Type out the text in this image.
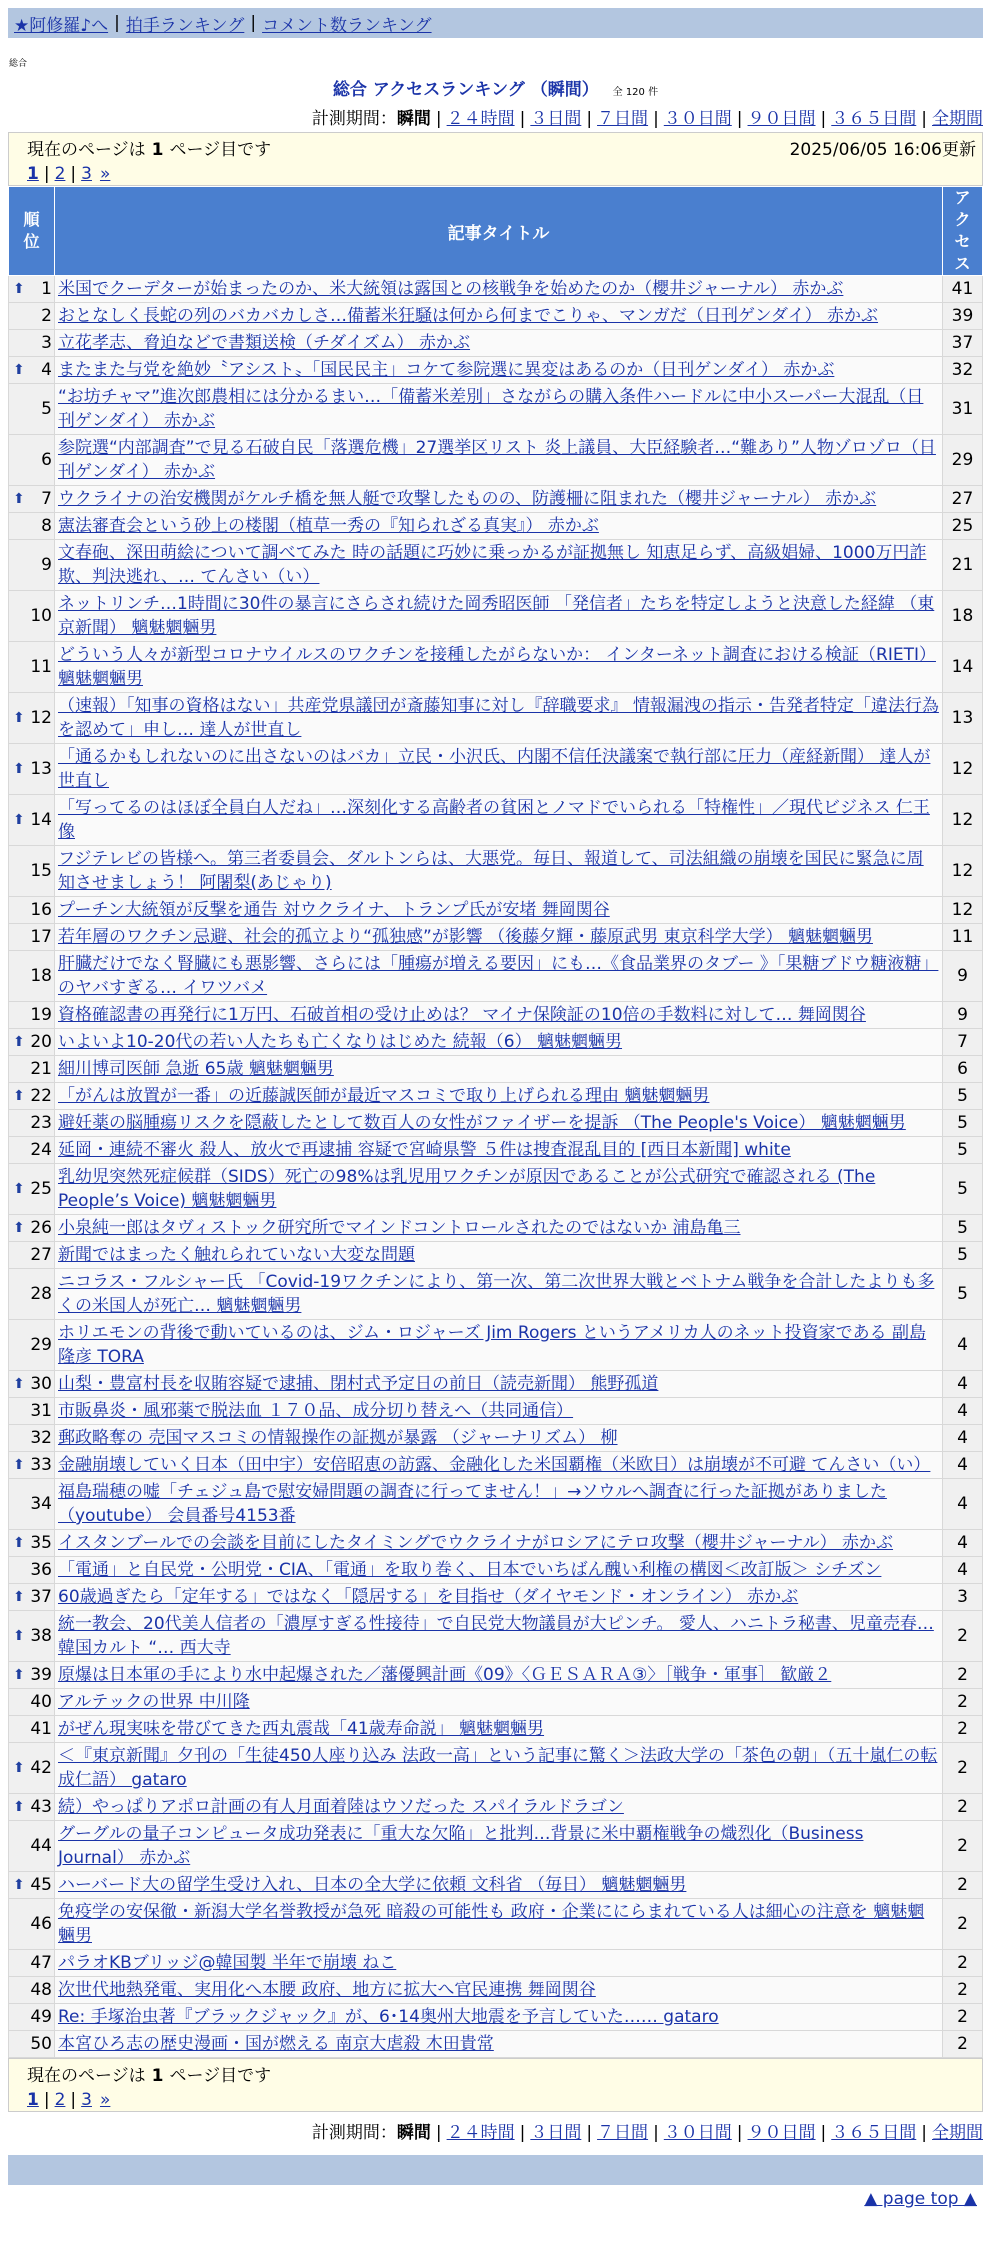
★阿修羅♪へ | 拍手ランキング | コメント数ランキング
総合
総合 アクセスランキング （瞬間） 全 120 件
計測期間：瞬間 | ２４時間 | ３日間 | ７日間 | ３０日間 | ９０日間 | ３６５日間 | 全期間
現在のページは 1 ページ目です	2025/06/05 16:06更新
1 | 2 | 3 »
順位	記事タイトル	アクセス

⬆ 1	米国でクーデターが始まったのか、米大統領は露国との核戦争を始めたのか（櫻井ジャーナル） 赤かぶ	41
2	おとなしく長蛇の列のバカバカしさ…備蓄米狂騒は何から何までこりゃ、マンガだ（日刊ゲンダイ） 赤かぶ	39
3	立花孝志、脅迫などで書類送検（チダイズム） 赤かぶ	37

⬆ 4	またまた与党を絶妙〝アシスト〟「国民民主」コケて参院選に異変はあるのか（日刊ゲンダイ） 赤かぶ	32
5	“お坊チャマ”進次郎農相には分かるまい…「備蓄米差別」さながらの購入条件ハードルに中小スーパー大混乱（日刊ゲンダイ） 赤かぶ	31
6	参院選“内部調査”で見る石破自民「落選危機」27選挙区リスト 炎上議員、大臣経験者…“難あり”人物ゾロゾロ（日刊ゲンダイ） 赤かぶ	29

⬆ 7	ウクライナの治安機関がケルチ橋を無人艇で攻撃したものの、防護柵に阻まれた（櫻井ジャーナル） 赤かぶ	27
8	憲法審査会という砂上の楼閣（植草一秀の『知られざる真実』） 赤かぶ	25
9	文春砲、深田萌絵について調べてみた 時の話題に巧妙に乗っかるが証拠無し 知恵足らず、高級娼婦、1000万円詐欺、判決逃れ、… てんさい（い）	21
10	ネットリンチ…1時間に30件の暴言にさらされ続けた岡秀昭医師 「発信者」たちを特定しようと決意した経緯 （東京新聞） 魑魅魍魎男	18
11	どういう人々が新型コロナウイルスのワクチンを接種したがらないか： インターネット調査における検証（RIETI） 魑魅魍魎男	14

⬆ 12	（速報）「知事の資格はない」共産党県議団が斎藤知事に対し『辞職要求』 情報漏洩の指示・告発者特定「違法行為を認めて」申し… 達人が世直し	13

⬆ 13	「通るかもしれないのに出さないのはバカ」立民・小沢氏、内閣不信任決議案で執行部に圧力（産経新聞） 達人が世直し	12

⬆ 14	「写ってるのはほぼ全員白人だね」…深刻化する高齢者の貧困とノマドでいられる「特権性」／現代ビジネス 仁王像	12
15	フジテレビの皆様へ。第三者委員会、ダルトンらは、大悪党。毎日、報道して、司法組織の崩壊を国民に緊急に周知させましょう！ 阿闍梨(あじゃり)	12
16	プーチン大統領が反撃を通告 対ウクライナ、トランプ氏が安堵 舞岡関谷	12
17	若年層のワクチン忌避、社会的孤立より“孤独感”が影響 （後藤夕輝・藤原武男 東京科学大学） 魑魅魍魎男	11
18	肝臓だけでなく腎臓にも悪影響、さらには「腫瘍が増える要因」にも…《食品業界のタブー 》「果糖ブドウ糖液糖」のヤバすぎる… イワツバメ	9
19	資格確認書の再発行に1万円、石破首相の受け止めは？ マイナ保険証の10倍の手数料に対して… 舞岡関谷	9

⬆ 20	いよいよ10-20代の若い人たちも亡くなりはじめた 続報（6） 魑魅魍魎男	7
21	細川博司医師 急逝 65歳 魑魅魍魎男	6

⬆ 22	「がんは放置が一番」の近藤誠医師が最近マスコミで取り上げられる理由 魑魅魍魎男	5
23	避妊薬の脳腫瘍リスクを隠蔽したとして数百人の女性がファイザーを提訴 （The People's Voice） 魑魅魍魎男	5
24	延岡・連続不審火 殺人、放火で再逮捕 容疑で宮崎県警 ５件は捜査混乱目的 [西日本新聞] white	5

⬆ 25	乳幼児突然死症候群（SIDS）死亡の98%は乳児用ワクチンが原因であることが公式研究で確認される (The People’s Voice) 魑魅魍魎男	5

⬆ 26	小泉純一郎はタヴィストック研究所でマインドコントロールされたのではないか 浦島亀三	5
27	新聞ではまったく触れられていない大変な問題	5
28	ニコラス・フルシャー氏 「Covid-19ワクチンにより、第一次、第二次世界大戦とベトナム戦争を合計したよりも多くの米国人が死亡… 魑魅魍魎男	5
29	ホリエモンの背後で動いているのは、ジム・ロジャーズ Jim Rogers というアメリカ人のネット投資家である 副島隆彦 TORA	4

⬆ 30	山梨・豊富村長を収賄容疑で逮捕、閉村式予定日の前日（読売新聞） 熊野孤道	4
31	市販鼻炎・風邪薬で脱法血 １７０品、成分切り替えへ（共同通信）	4
32	郵政略奪の 売国マスコミの情報操作の証拠が暴露 （ジャーナリズム） 柳	4

⬆ 33	金融崩壊していく日本（田中宇）安倍昭恵の訪露、金融化した米国覇権（米欧日）は崩壊が不可避 てんさい（い）	4
34	福島瑞穂の嘘「チェジュ島で慰安婦問題の調査に行ってません！」→ソウルへ調査に行った証拠がありました（youtube） 会員番号4153番	4

⬆ 35	イスタンブールでの会談を目前にしたタイミングでウクライナがロシアにテロ攻撃（櫻井ジャーナル） 赤かぶ	4
36	「電通」と自民党・公明党・CIA、「電通」を取り巻く、日本でいちばん醜い利権の構図＜改訂版＞ シチズン	4

⬆ 37	60歳過ぎたら「定年する」ではなく「隠居する」を目指せ（ダイヤモンド・オンライン） 赤かぶ	3

⬆ 38	統一教会、20代美人信者の「濃厚すぎる性接待」で自民党大物議員が大ピンチ。 愛人、ハニトラ秘書、児童売春…韓国カルト “… 西大寺	2

⬆ 39	原爆は日本軍の手により水中起爆された／藩優興計画《09》〈ＧＥＳＡＲＡ③〉［戦争・軍事］ 歓厳２	2
40	アルテックの世界 中川隆	2
41	がぜん現実味を帯びてきた西丸震哉「41歳寿命説」 魑魅魍魎男	2

⬆ 42	＜『東京新聞』夕刊の「生徒450人座り込み 法政一高」という記事に驚く＞法政大学の「茶色の朝」（五十嵐仁の転成仁語） gataro	2

⬆ 43	続）やっぱりアポロ計画の有人月面着陸はウソだった スパイラルドラゴン	2
44	グーグルの量子コンピュータ成功発表に「重大な欠陥」と批判…背景に米中覇権戦争の熾烈化（Business Journal） 赤かぶ	2

⬆ 45	ハーバード大の留学生受け入れ、日本の全大学に依頼 文科省 （毎日） 魑魅魍魎男	2
46	免疫学の安保徹・新潟大学名誉教授が急死 暗殺の可能性も 政府・企業ににらまれている人は細心の注意を 魑魅魍魎男	2
47	パラオKBブリッジ@韓国製 半年で崩壊 ねこ	2
48	次世代地熱発電、実用化へ本腰 政府、地方に拡大へ官民連携 舞岡関谷	2
49	Re: 手塚治虫著『ブラックジャック』が、6･14奥州大地震を予言していた…… gataro	2
50	本宮ひろ志の歴史漫画・国が燃える 南京大虐殺 木田貴常	2
現在のページは 1 ページ目です
1 | 2 | 3 »
計測期間：瞬間 | ２４時間 | ３日間 | ７日間 | ３０日間 | ９０日間 | ３６５日間 | 全期間
▲ page top ▲
